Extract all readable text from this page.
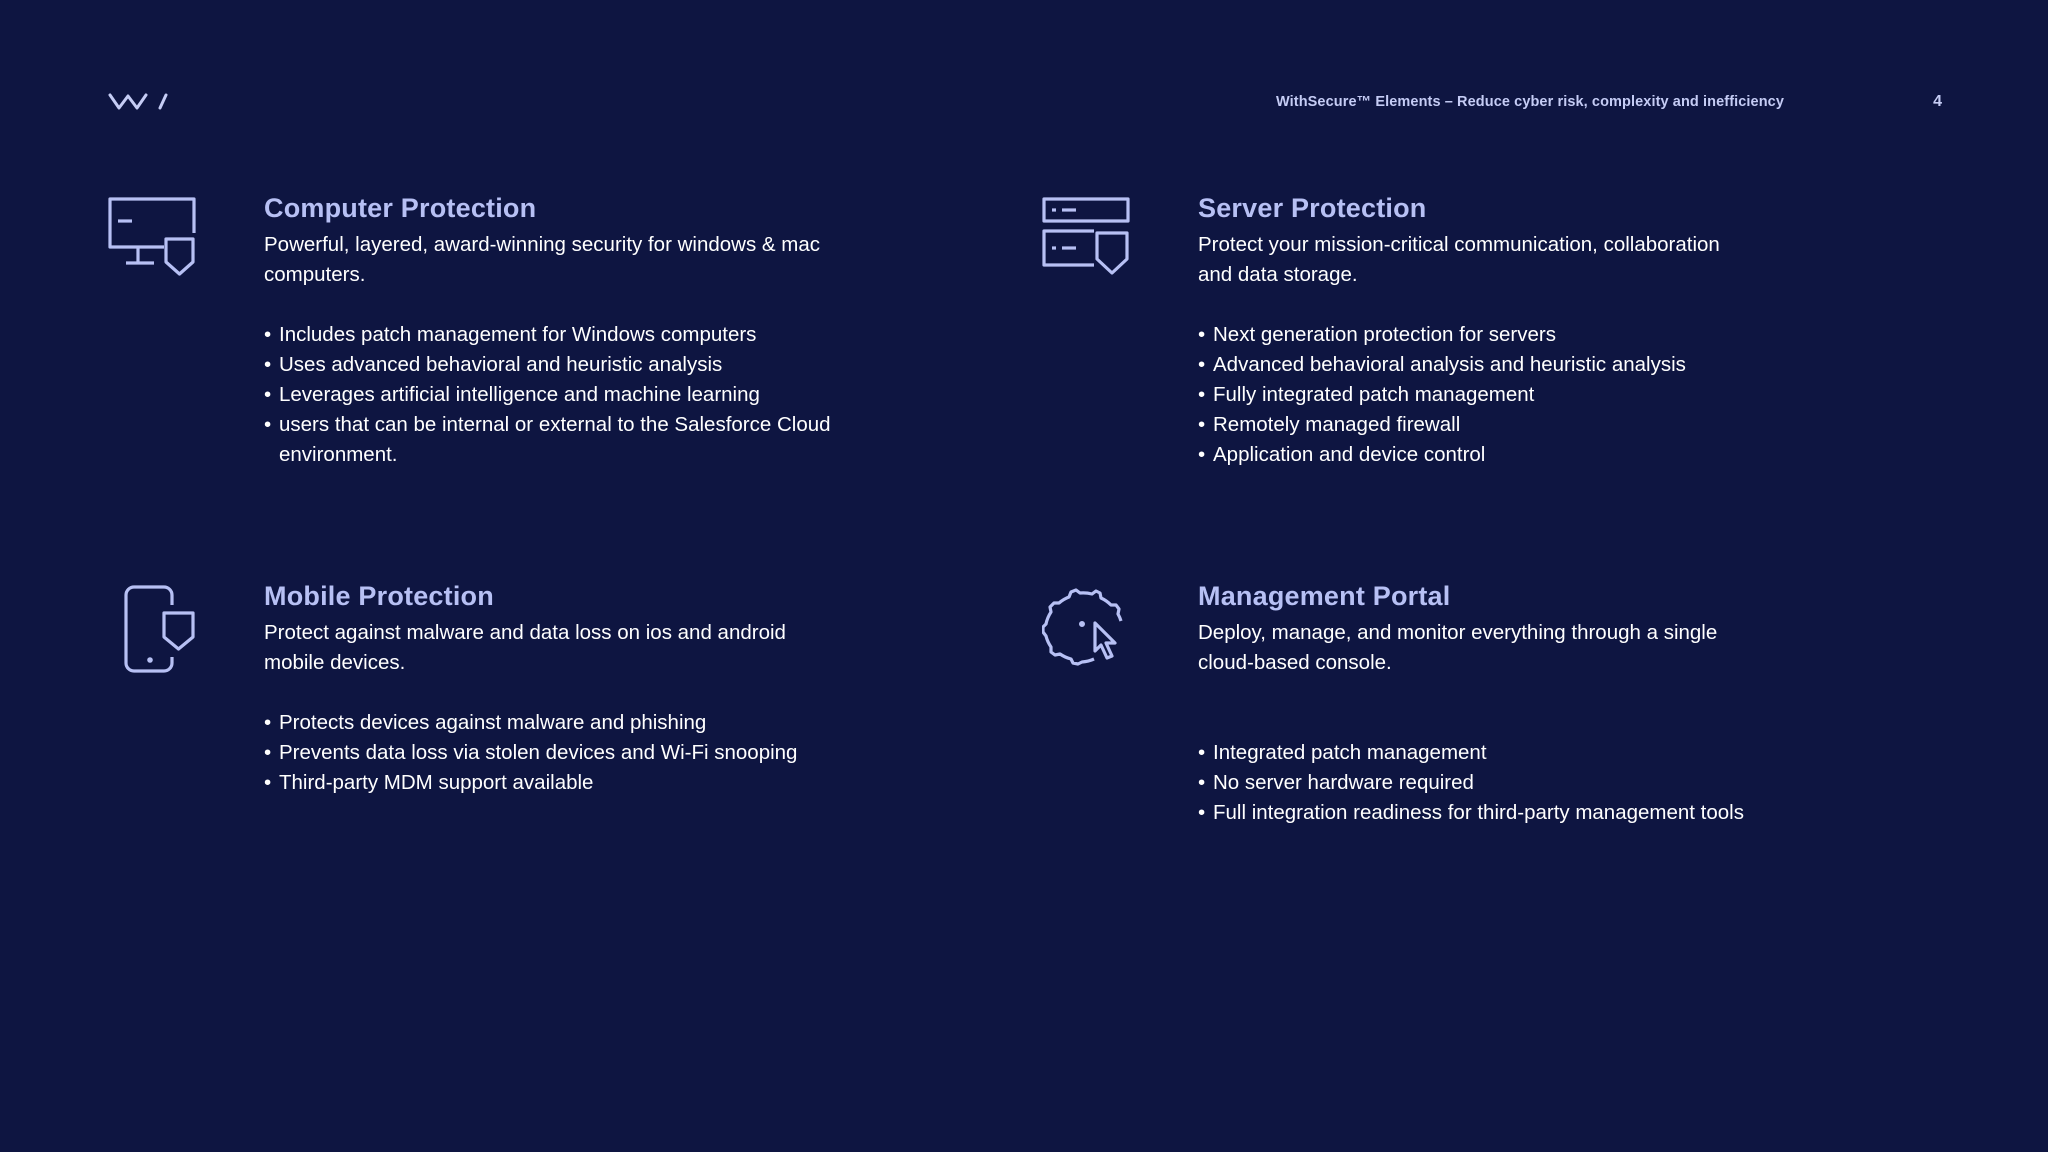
WithSecure™ Elements – Reduce cyber risk, complexity and inefficiency	4
Computer Protection

Powerful, layered, award-winning security for windows & mac computers.

• Includes patch management for Windows computers
• Uses advanced behavioral and heuristic analysis
• Leverages artificial intelligence and machine learning
• users that can be internal or external to the Salesforce Cloud environment.
Server Protection

Protect your mission-critical communication, collaboration and data storage.

• Next generation protection for servers
• Advanced behavioral analysis and heuristic analysis
• Fully integrated patch management
• Remotely managed firewall
• Application and device control
Mobile Protection

Protect against malware and data loss on ios and android mobile devices.

• Protects devices against malware and phishing
• Prevents data loss via stolen devices and Wi-Fi snooping
• Third-party MDM support available
Management Portal

Deploy, manage, and monitor everything through a single cloud-based console.

• Integrated patch management
• No server hardware required
• Full integration readiness for third-party management tools
